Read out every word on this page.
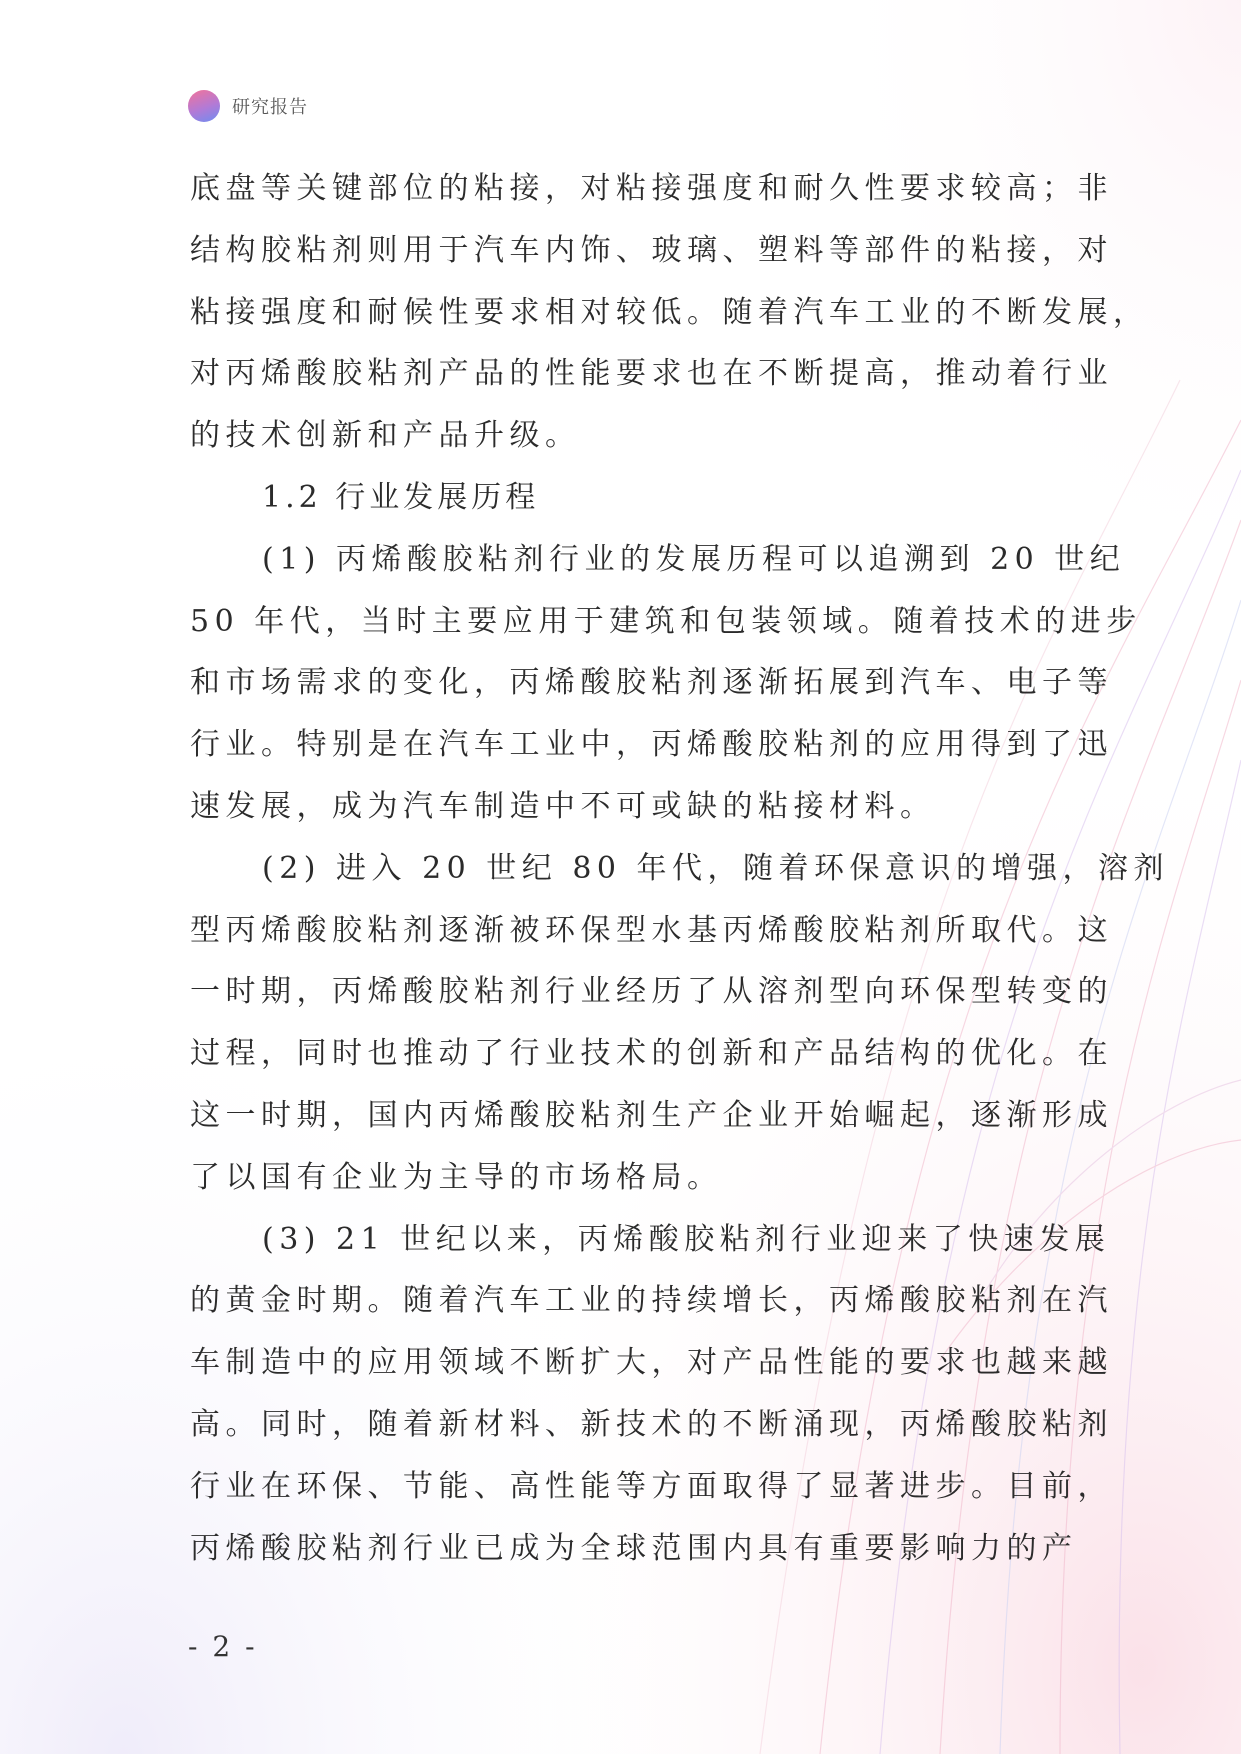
研究报告

底盘等关键部位的粘接，对粘接强度和耐久性要求较高；非

结构胶粘剂则用于汽车内饰、玻璃、塑料等部件的粘接，对

粘接强度和耐候性要求相对较低。随着汽车工业的不断发展，

对丙烯酸胶粘剂产品的性能要求也在不断提高，推动着行业

的技术创新和产品升级。

1.2 行业发展历程

(1) 丙烯酸胶粘剂行业的发展历程可以追溯到 20 世纪

50 年代，当时主要应用于建筑和包装领域。随着技术的进步

和市场需求的变化，丙烯酸胶粘剂逐渐拓展到汽车、电子等

行业。特别是在汽车工业中，丙烯酸胶粘剂的应用得到了迅

速发展，成为汽车制造中不可或缺的粘接材料。

(2) 进入 20 世纪 80 年代，随着环保意识的增强，溶剂

型丙烯酸胶粘剂逐渐被环保型水基丙烯酸胶粘剂所取代。这

一时期，丙烯酸胶粘剂行业经历了从溶剂型向环保型转变的

过程，同时也推动了行业技术的创新和产品结构的优化。在

这一时期，国内丙烯酸胶粘剂生产企业开始崛起，逐渐形成

了以国有企业为主导的市场格局。

(3) 21 世纪以来，丙烯酸胶粘剂行业迎来了快速发展

的黄金时期。随着汽车工业的持续增长，丙烯酸胶粘剂在汽

车制造中的应用领域不断扩大，对产品性能的要求也越来越

高。同时，随着新材料、新技术的不断涌现，丙烯酸胶粘剂

行业在环保、节能、高性能等方面取得了显著进步。目前，

丙烯酸胶粘剂行业已成为全球范围内具有重要影响力的产

- 2 -
